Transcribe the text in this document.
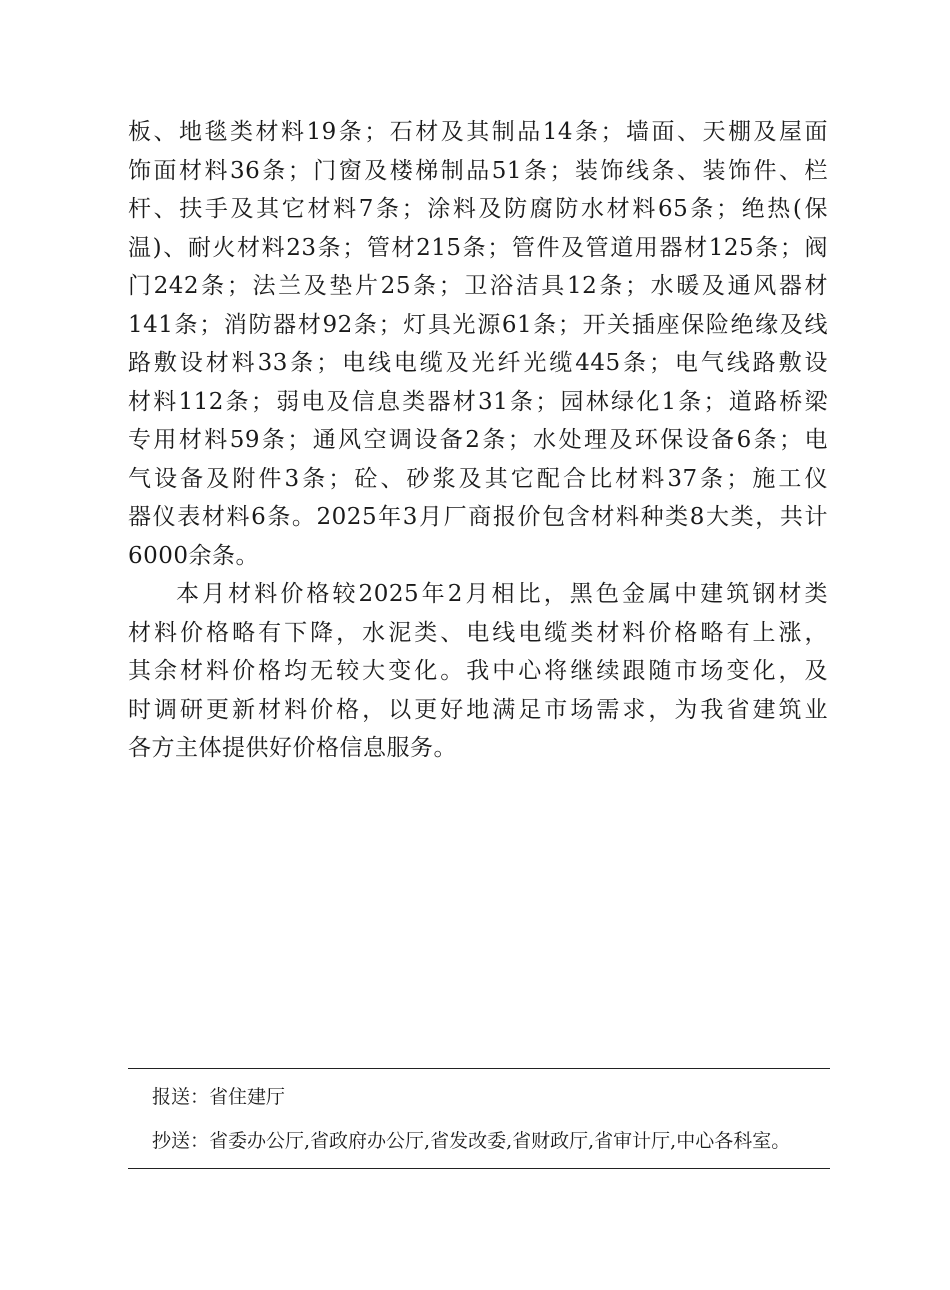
板、地毯类材料19条；石材及其制品14条；墙面、天棚及屋面
饰面材料36条；门窗及楼梯制品51条；装饰线条、装饰件、栏
杆、扶手及其它材料7条；涂料及防腐防水材料65条；绝热(保
温)、耐火材料23条；管材215条；管件及管道用器材125条；阀
门242条；法兰及垫片25条；卫浴洁具12条；水暖及通风器材
141条；消防器材92条；灯具光源61条；开关插座保险绝缘及线
路敷设材料33条；电线电缆及光纤光缆445条；电气线路敷设
材料112条；弱电及信息类器材31条；园林绿化1条；道路桥梁
专用材料59条；通风空调设备2条；水处理及环保设备6条；电
气设备及附件3条；砼、砂浆及其它配合比材料37条；施工仪
器仪表材料6条。2025年3月厂商报价包含材料种类8大类，共计
6000余条。

本月材料价格较2025年2月相比，黑色金属中建筑钢材类
材料价格略有下降，水泥类、电线电缆类材料价格略有上涨，
其余材料价格均无较大变化。我中心将继续跟随市场变化，及
时调研更新材料价格，以更好地满足市场需求，为我省建筑业
各方主体提供好价格信息服务。

报送：省住建厅
抄送：省委办公厅,省政府办公厅,省发改委,省财政厅,省审计厅,中心各科室。
